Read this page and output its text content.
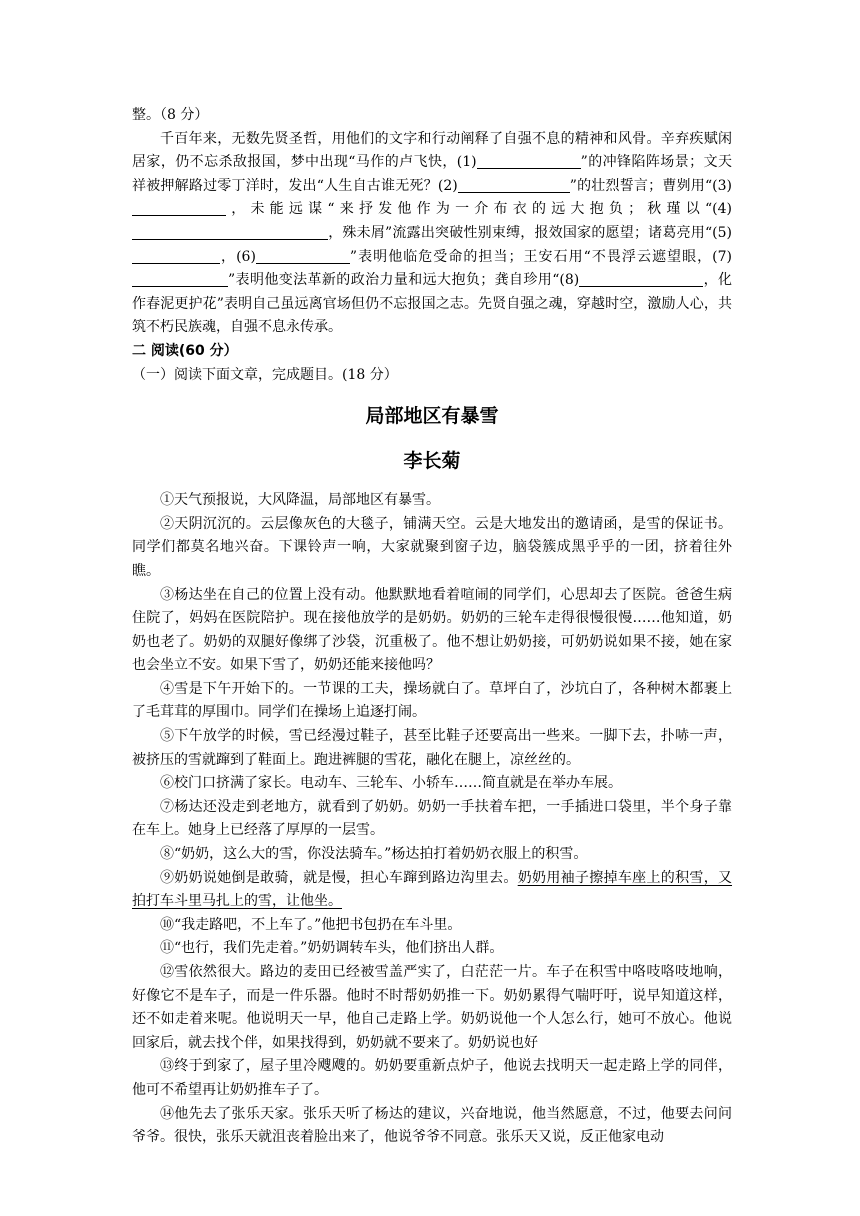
整。（8 分）

千百年来，无数先贤圣哲，用他们的文字和行动阐释了自强不息的精神和风骨。辛弃疾赋闲居家，仍不忘杀敌报国，梦中出现“马作的卢飞快，(1)	”的冲锋陷阵场景；文天祥被押解路过零丁洋时，发出“人生自古谁无死？(2)	”的壮烈誓言；曹刿用“(3)，未能远谋“来抒发他作为一介布衣的远大抱负；秋瑾以“(4)，殊未屑”流露出突破性别束缚，报效国家的愿望；诸葛亮用“(5)，(6)	”表明他临危受命的担当；王安石用“不畏浮云遮望眼，(7)”表明他变法革新的政治力量和远大抱负；龚自珍用“(8)	，化作春泥更护花”表明自己虽远离官场但仍不忘报国之志。先贤自强之魂，穿越时空，激励人心，共筑不朽民族魂，自强不息永传承。

二 阅读(60 分）

（一）阅读下面文章，完成题目。(18 分）

局部地区有暴雪
李长菊

①天气预报说，大风降温，局部地区有暴雪。

②天阴沉沉的。云层像灰色的大毯子，铺满天空。云是大地发出的邀请函，是雪的保证书。同学们都莫名地兴奋。下课铃声一响，大家就聚到窗子边，脑袋簇成黑乎乎的一团，挤着往外瞧。

③杨达坐在自己的位置上没有动。他默默地看着喧闹的同学们，心思却去了医院。爸爸生病住院了，妈妈在医院陪护。现在接他放学的是奶奶。奶奶的三轮车走得很慢很慢……他知道，奶奶也老了。奶奶的双腿好像绑了沙袋，沉重极了。他不想让奶奶接，可奶奶说如果不接，她在家也会坐立不安。如果下雪了，奶奶还能来接他吗？

④雪是下午开始下的。一节课的工夫，操场就白了。草坪白了，沙坑白了，各种树木都裹上了毛茸茸的厚围巾。同学们在操场上追逐打闹。

⑤下午放学的时候，雪已经漫过鞋子，甚至比鞋子还要高出一些来。一脚下去，扑哧一声，被挤压的雪就蹿到了鞋面上。跑进裤腿的雪花，融化在腿上，凉丝丝的。

⑥校门口挤满了家长。电动车、三轮车、小轿车……简直就是在举办车展。

⑦杨达还没走到老地方，就看到了奶奶。奶奶一手扶着车把，一手插进口袋里，半个身子靠在车上。她身上已经落了厚厚的一层雪。

⑧“奶奶，这么大的雪，你没法骑车。”杨达拍打着奶奶衣服上的积雪。

⑨奶奶说她倒是敢骑，就是慢，担心车蹿到路边沟里去。奶奶用袖子擦掉车座上的积雪，又拍打车斗里马扎上的雪，让他坐。

⑩“我走路吧，不上车了。”他把书包扔在车斗里。

⑪“也行，我们先走着。”奶奶调转车头，他们挤出人群。

⑫雪依然很大。路边的麦田已经被雪盖严实了，白茫茫一片。车子在积雪中咯吱咯吱地响，好像它不是车子，而是一件乐器。他时不时帮奶奶推一下。奶奶累得气喘吁吁，说早知道这样，还不如走着来呢。他说明天一早，他自己走路上学。奶奶说他一个人怎么行，她可不放心。他说回家后，就去找个伴，如果找得到，奶奶就不要来了。奶奶说也好

⑬终于到家了，屋子里冷飕飕的。奶奶要重新点炉子，他说去找明天一起走路上学的同伴，他可不希望再让奶奶推车子了。

⑭他先去了张乐天家。张乐天听了杨达的建议，兴奋地说，他当然愿意，不过，他要去问问爷爷。很快，张乐天就沮丧着脸出来了，他说爷爷不同意。张乐天又说，反正他家电动
